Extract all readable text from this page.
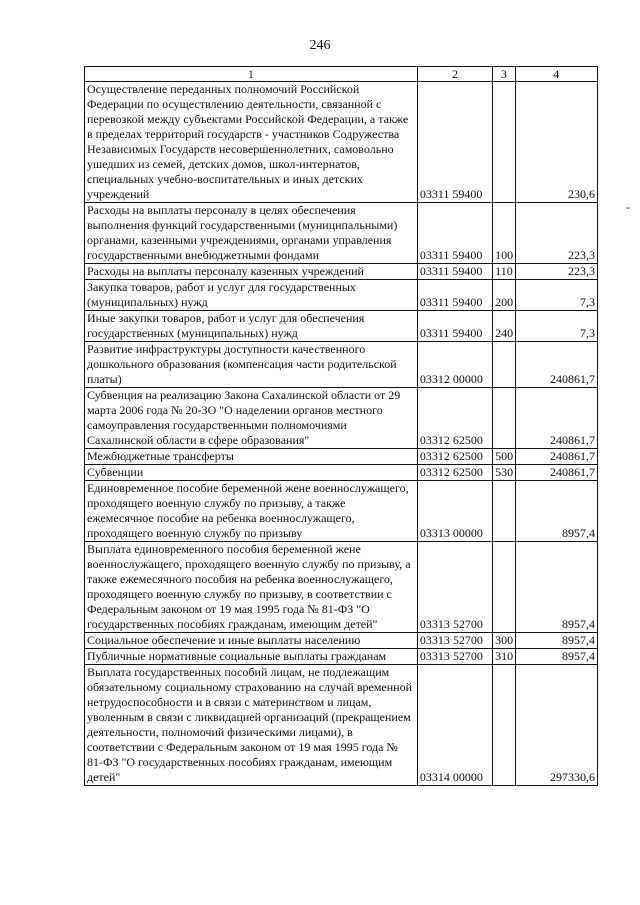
246
-
1	2	3	4
Осуществление переданных полномочий Российской Федерации по осуществлению деятельности, связанной с перевозкой между субъектами Российской Федерации, а также в пределах территорий государств - участников Содружества Независимых Государств несовершеннолетних, самовольно ушедших из семей, детских домов, школ-интернатов, специальных учебно-воспитательных и иных детских учреждений	03311 59400		230,6
Расходы на выплаты персоналу в целях обеспечения выполнения функций государственными (муниципальными) органами, казенными учреждениями, органами управления государственными внебюджетными фондами	03311 59400	100	223,3
Расходы на выплаты персоналу казенных учреждений	03311 59400	110	223,3
Закупка товаров, работ и услуг для государственных (муниципальных) нужд	03311 59400	200	7,3
Иные закупки товаров, работ и услуг для обеспечения государственных (муниципальных) нужд	03311 59400	240	7,3
Развитие инфраструктуры доступности качественного дошкольного образования (компенсация части родительской платы)	03312 00000		240861,7
Субвенция на реализацию Закона Сахалинской области от 29 марта 2006 года № 20-ЗО "О наделении органов местного самоуправления государственными полномочиями Сахалинской области в сфере образования"	03312 62500		240861,7
Межбюджетные трансферты	03312 62500	500	240861,7
Субвенции	03312 62500	530	240861,7
Единовременное пособие беременной жене военнослужащего, проходящего военную службу по призыву, а также ежемесячное пособие на ребенка военнослужащего, проходящего военную службу по призыву	03313 00000		8957,4
Выплата единовременного пособия беременной жене военнослужащего, проходящего военную службу по призыву, а также ежемесячного пособия на ребенка военнослужащего, проходящего военную службу по призыву, в соответствии с Федеральным законом от 19 мая 1995 года № 81-ФЗ "О государственных пособиях гражданам, имеющим детей"	03313 52700		8957,4
Социальное обеспечение и иные выплаты населению	03313 52700	300	8957,4
Публичные нормативные социальные выплаты гражданам	03313 52700	310	8957,4
Выплата государственных пособий лицам, не подлежащим обязательному социальному страхованию на случай временной нетрудоспособности и в связи с материнством и лицам, уволенным в связи с ликвидацией организаций (прекращением деятельности, полномочий физическими лицами), в соответствии с Федеральным законом от 19 мая 1995 года № 81-ФЗ "О государственных пособиях гражданам, имеющим детей"	03314 00000		297330,6
